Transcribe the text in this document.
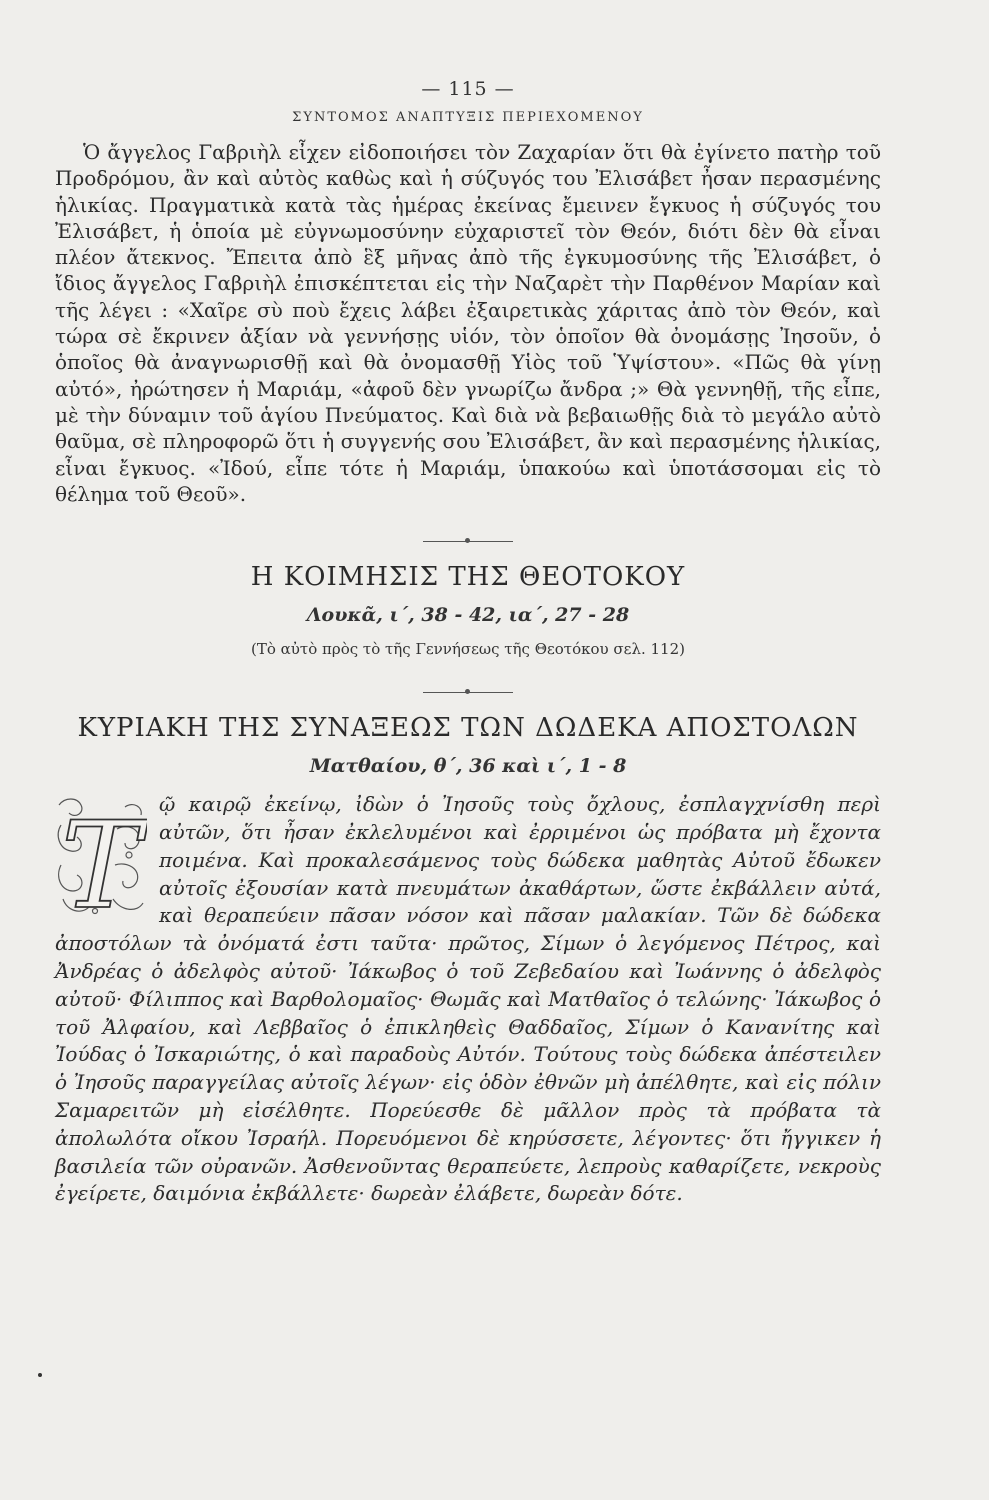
— 115 —
ΣΥΝΤΟΜΟΣ ΑΝΑΠΤΥΞΙΣ ΠΕΡΙΕΧΟΜΕΝΟΥ

Ὁ ἄγγελος Γαβριὴλ εἶχεν εἰδοποιήσει τὸν Ζαχαρίαν ὅτι θὰ ἐγίνετο πατὴρ τοῦ Προδρόμου, ἂν καὶ αὐτὸς καθὼς καὶ ἡ σύζυγός του Ἐλισάβετ ἦσαν περασμένης ἡλικίας. Πραγματικὰ κατὰ τὰς ἡμέρας ἐκείνας ἔμεινεν ἔγκυος ἡ σύζυγός του Ἐλισάβετ, ἡ ὁποία μὲ εὐγνωμοσύνην εὐχαριστεῖ τὸν Θεόν, διότι δὲν θὰ εἶναι πλέον ἄτεκνος. Ἔπειτα ἀπὸ ἓξ μῆνας ἀπὸ τῆς ἐγκυμοσύνης τῆς Ἐλισάβετ, ὁ ἴδιος ἄγγελος Γαβριὴλ ἐπισκέπτεται εἰς τὴν Ναζαρὲτ τὴν Παρθένον Μαρίαν καὶ τῆς λέγει : «Χαῖρε σὺ ποὺ ἔχεις λάβει ἐξαιρετικὰς χάριτας ἀπὸ τὸν Θεόν, καὶ τώρα σὲ ἔκρινεν ἀξίαν νὰ γεννήσῃς υἱόν, τὸν ὁποῖον θὰ ὀνομάσῃς Ἰησοῦν, ὁ ὁποῖος θὰ ἀναγνωρισθῇ καὶ θὰ ὀνομασθῇ Υἱὸς τοῦ Ὑψίστου». «Πῶς θὰ γίνῃ αὐτό», ἠρώτησεν ἡ Μαριάμ, «ἀφοῦ δὲν γνωρίζω ἄνδρα ;» Θὰ γεννηθῇ, τῆς εἶπε, μὲ τὴν δύναμιν τοῦ ἁγίου Πνεύματος. Καὶ διὰ νὰ βεβαιωθῇς διὰ τὸ μεγάλο αὐτὸ θαῦμα, σὲ πληροφορῶ ὅτι ἡ συγγενής σου Ἐλισάβετ, ἂν καὶ περασμένης ἡλικίας, εἶναι ἔγκυος. «Ἰδού, εἶπε τότε ἡ Μαριάμ, ὑπακούω καὶ ὑποτάσσομαι εἰς τὸ θέλημα τοῦ Θεοῦ».

Η ΚΟΙΜΗΣΙΣ ΤΗΣ ΘΕΟΤΟΚΟΥ
Λουκᾶ, ι΄, 38 - 42, ια΄, 27 - 28
(Τὸ αὐτὸ πρὸς τὸ τῆς Γεννήσεως τῆς Θεοτόκου σελ. 112)
ΚΥΡΙΑΚΗ ΤΗΣ ΣΥΝΑΞΕΩΣ ΤΩΝ ΔΩΔΕΚΑ ΑΠΟΣΤΟΛΩΝ
Ματθαίου, θ΄, 36 καὶ ι΄, 1 - 8
Τ ῷ καιρῷ ἐκείνῳ, ἰδὼν ὁ Ἰησοῦς τοὺς ὄχλους, ἐσπλαγχνίσθη περὶ αὐτῶν, ὅτι ἦσαν ἐκλελυμένοι καὶ ἐρριμένοι ὡς πρόβατα μὴ ἔχοντα ποιμένα. Καὶ προκαλεσάμενος τοὺς δώδεκα μαθητὰς Αὐτοῦ ἔδωκεν αὐτοῖς ἐξουσίαν κατὰ πνευμάτων ἀκαθάρτων, ὥστε ἐκβάλλειν αὐτά, καὶ θεραπεύειν πᾶσαν νόσον καὶ πᾶσαν μαλακίαν. Τῶν δὲ δώδεκα ἀποστόλων τὰ ὀνόματά ἐστι ταῦτα· πρῶτος, Σίμων ὁ λεγόμενος Πέτρος, καὶ Ἀνδρέας ὁ ἀδελφὸς αὐτοῦ· Ἰάκωβος ὁ τοῦ Ζεβεδαίου καὶ Ἰωάννης ὁ ἀδελφὸς αὐτοῦ· Φίλιππος καὶ Βαρθολομαῖος· Θωμᾶς καὶ Ματθαῖος ὁ τελώνης· Ἰάκωβος ὁ τοῦ Ἀλφαίου, καὶ Λεββαῖος ὁ ἐπικληθεὶς Θαδδαῖος, Σίμων ὁ Κανανίτης καὶ Ἰούδας ὁ Ἰσκαριώτης, ὁ καὶ παραδοὺς Αὐτόν. Τούτους τοὺς δώδεκα ἀπέστειλεν ὁ Ἰησοῦς παραγγείλας αὐτοῖς λέγων· εἰς ὁδὸν ἐθνῶν μὴ ἀπέλθητε, καὶ εἰς πόλιν Σαμαρειτῶν μὴ εἰσέλθητε. Πορεύεσθε δὲ μᾶλλον πρὸς τὰ πρόβατα τὰ ἀπολωλότα οἴκου Ἰσραήλ. Πορευόμενοι δὲ κηρύσσετε, λέγοντες· ὅτι ἤγγικεν ἡ βασιλεία τῶν οὐρανῶν. Ἀσθενοῦντας θεραπεύετε, λεπροὺς καθαρίζετε, νεκροὺς ἐγείρετε, δαιμόνια ἐκβάλλετε· δωρεὰν ἐλάβετε, δωρεὰν δότε.
